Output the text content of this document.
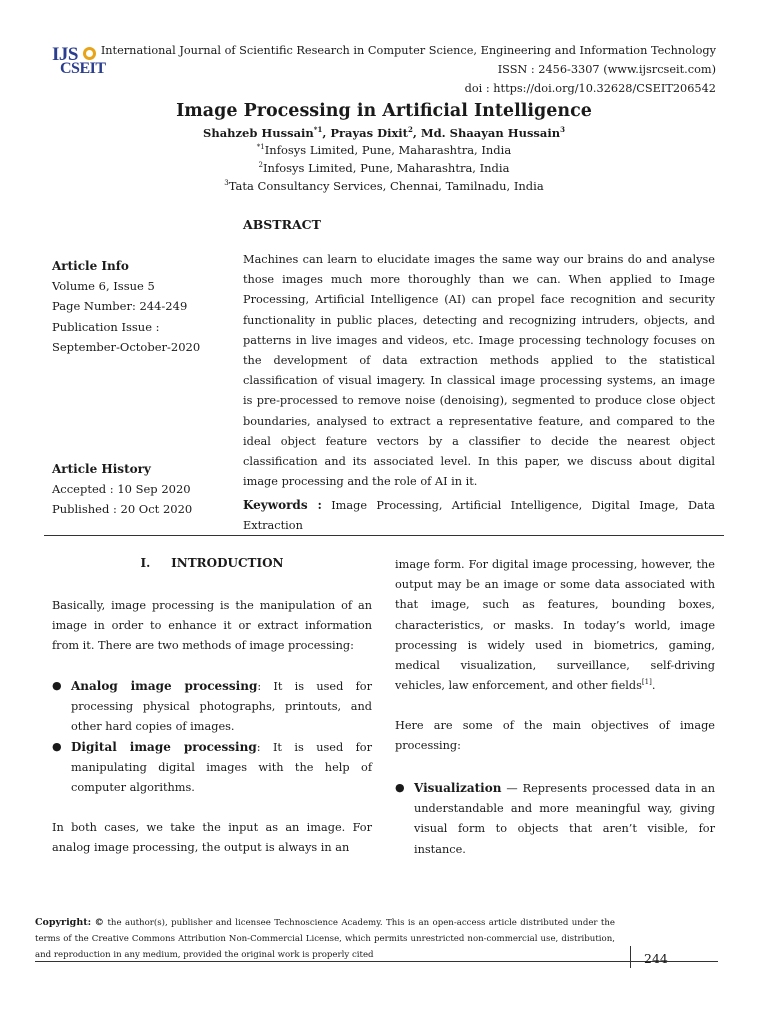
IJS
CSEIT
International Journal of Scientific Research in Computer Science, Engineering and Information Technology
ISSN : 2456-3307 (www.ijsrcseit.com)
doi : https://doi.org/10.32628/CSEIT206542
Image Processing in Artificial Intelligence
Shahzeb Hussain$^{*1}$, Prayas Dixit$^2$, Md. Shaayan Hussain$^3$
$^{*1}$Infosys Limited, Pune, Maharashtra, India
$^2$Infosys Limited, Pune, Maharashtra, India
$^3$Tata Consultancy Services, Chennai, Tamilnadu, India
ABSTRACT
Machines can learn to elucidate images the same way our brains do and analyse those images much more thoroughly than we can. When applied to Image Processing, Artificial Intelligence (AI) can propel face recognition and security functionality in public places, detecting and recognizing intruders, objects, and patterns in live images and videos, etc. Image processing technology focuses on the development of data extraction methods applied to the statistical classification of visual imagery. In classical image processing systems, an image is pre-processed to remove noise (denoising), segmented to produce close object boundaries, analysed to extract a representative feature, and compared to the ideal object feature vectors by a classifier to decide the nearest object classification and its associated level. In this paper, we discuss about digital image processing and the role of AI in it.
Keywords : Image Processing, Artificial Intelligence, Digital Image, Data Extraction
Article Info
Volume 6, Issue 5
Page Number: 244-249
Publication Issue :
September-October-2020
Article History
Accepted : 10 Sep 2020
Published : 20 Oct 2020
I.     INTRODUCTION
Basically, image processing is the manipulation of an image in order to enhance it or extract information from it. There are two methods of image processing:
● Analog image processing: It is used for processing physical photographs, printouts, and other hard copies of images.
● Digital image processing: It is used for manipulating digital images with the help of computer algorithms.
In both cases, we take the input as an image. For analog image processing, the output is always in an
image form. For digital image processing, however, the output may be an image or some data associated with that image, such as features, bounding boxes, characteristics, or masks. In today’s world, image processing is widely used in biometrics, gaming, medical visualization, surveillance, self-driving vehicles, law enforcement, and other fields[1].
Here are some of the main objectives of image processing:
● Visualization — Represents processed data in an understandable and more meaningful way, giving visual form to objects that aren’t visible, for instance.
Copyright: © the author(s), publisher and licensee Technoscience Academy. This is an open-access article distributed under the terms of the Creative Commons Attribution Non-Commercial License, which permits unrestricted non-commercial use, distribution, and reproduction in any medium, provided the original work is properly cited	244
